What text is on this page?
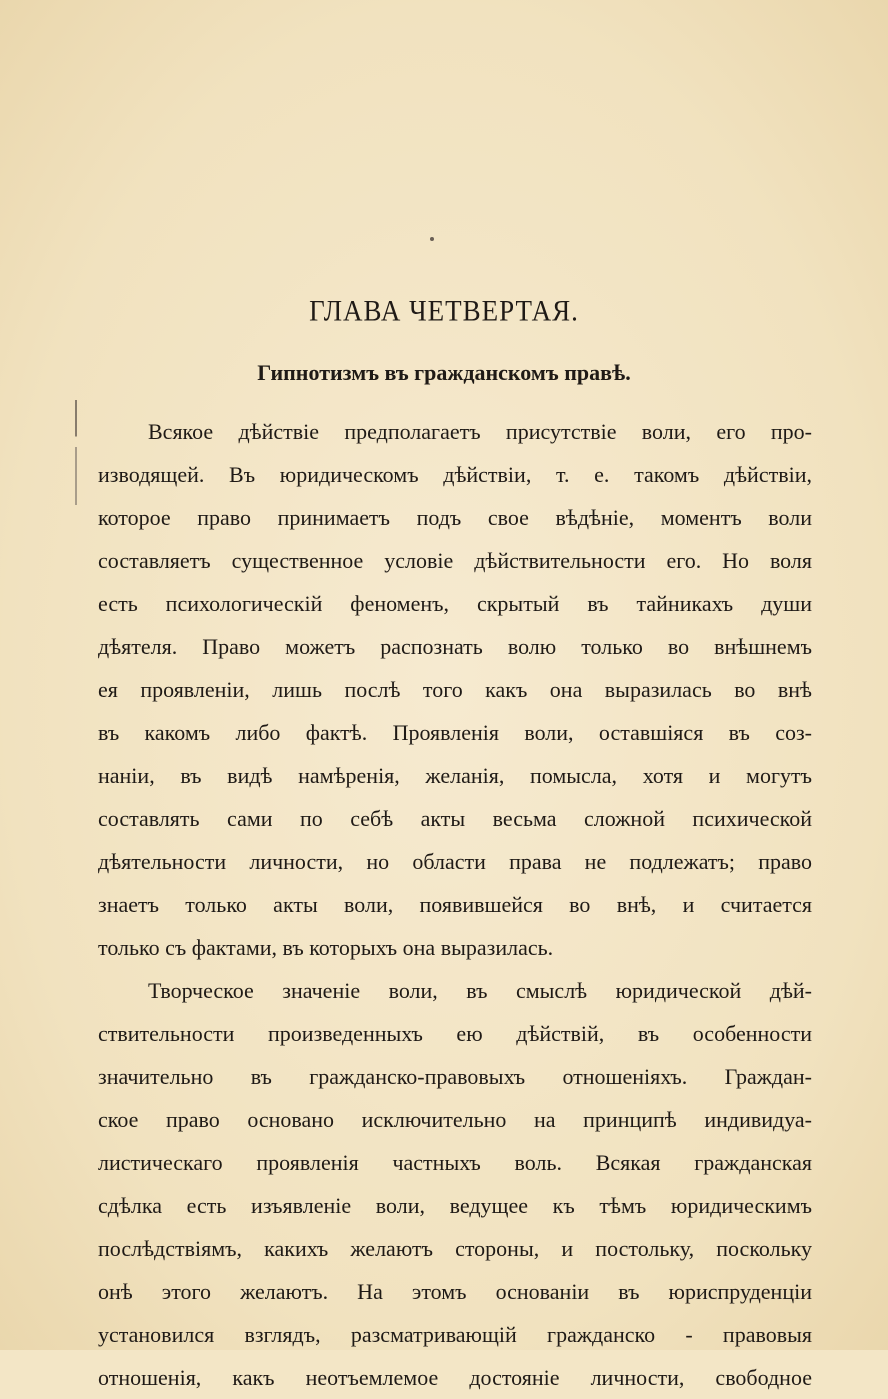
ГЛАВА ЧЕТВЕРТАЯ.
Гипнотизмъ въ гражданскомъ правѣ.
Всякое дѣйствіе предполагаетъ присутствіе воли, его про-
изводящей. Въ юридическомъ дѣйствіи, т. е. такомъ дѣйствіи,
которое право принимаетъ подъ свое вѣдѣніе, моментъ воли
составляетъ существенное условіе дѣйствительности его. Но воля
есть психологическій феноменъ, скрытый въ тайникахъ души
дѣятеля. Право можетъ распознать волю только во внѣшнемъ
ея проявленіи, лишь послѣ того какъ она выразилась во внѣ
въ какомъ либо фактѣ. Проявленія воли, оставшіяся въ соз-
наніи, въ видѣ намѣренія, желанія, помысла, хотя и могутъ
составлять сами по себѣ акты весьма сложной психической
дѣятельности личности, но области права не подлежатъ; право
знаетъ только акты воли, появившейся во внѣ, и считается
только съ фактами, въ которыхъ она выразилась.
Творческое значеніе воли, въ смыслѣ юридической дѣй-
ствительности произведенныхъ ею дѣйствій, въ особенности
значительно въ гражданско-правовыхъ отношеніяхъ. Граждан-
ское право основано исключительно на принципѣ индивидуа-
листическаго проявленія частныхъ воль. Всякая гражданская
сдѣлка есть изъявленіе воли, ведущее къ тѣмъ юридическимъ
послѣдствіямъ, какихъ желаютъ стороны, и постольку, поскольку
онѣ этого желаютъ. На этомъ основаніи въ юриспруденціи
установился взглядъ, разсматривающій гражданско - правовыя
отношенія, какъ неотъемлемое достояніе личности, свободное
